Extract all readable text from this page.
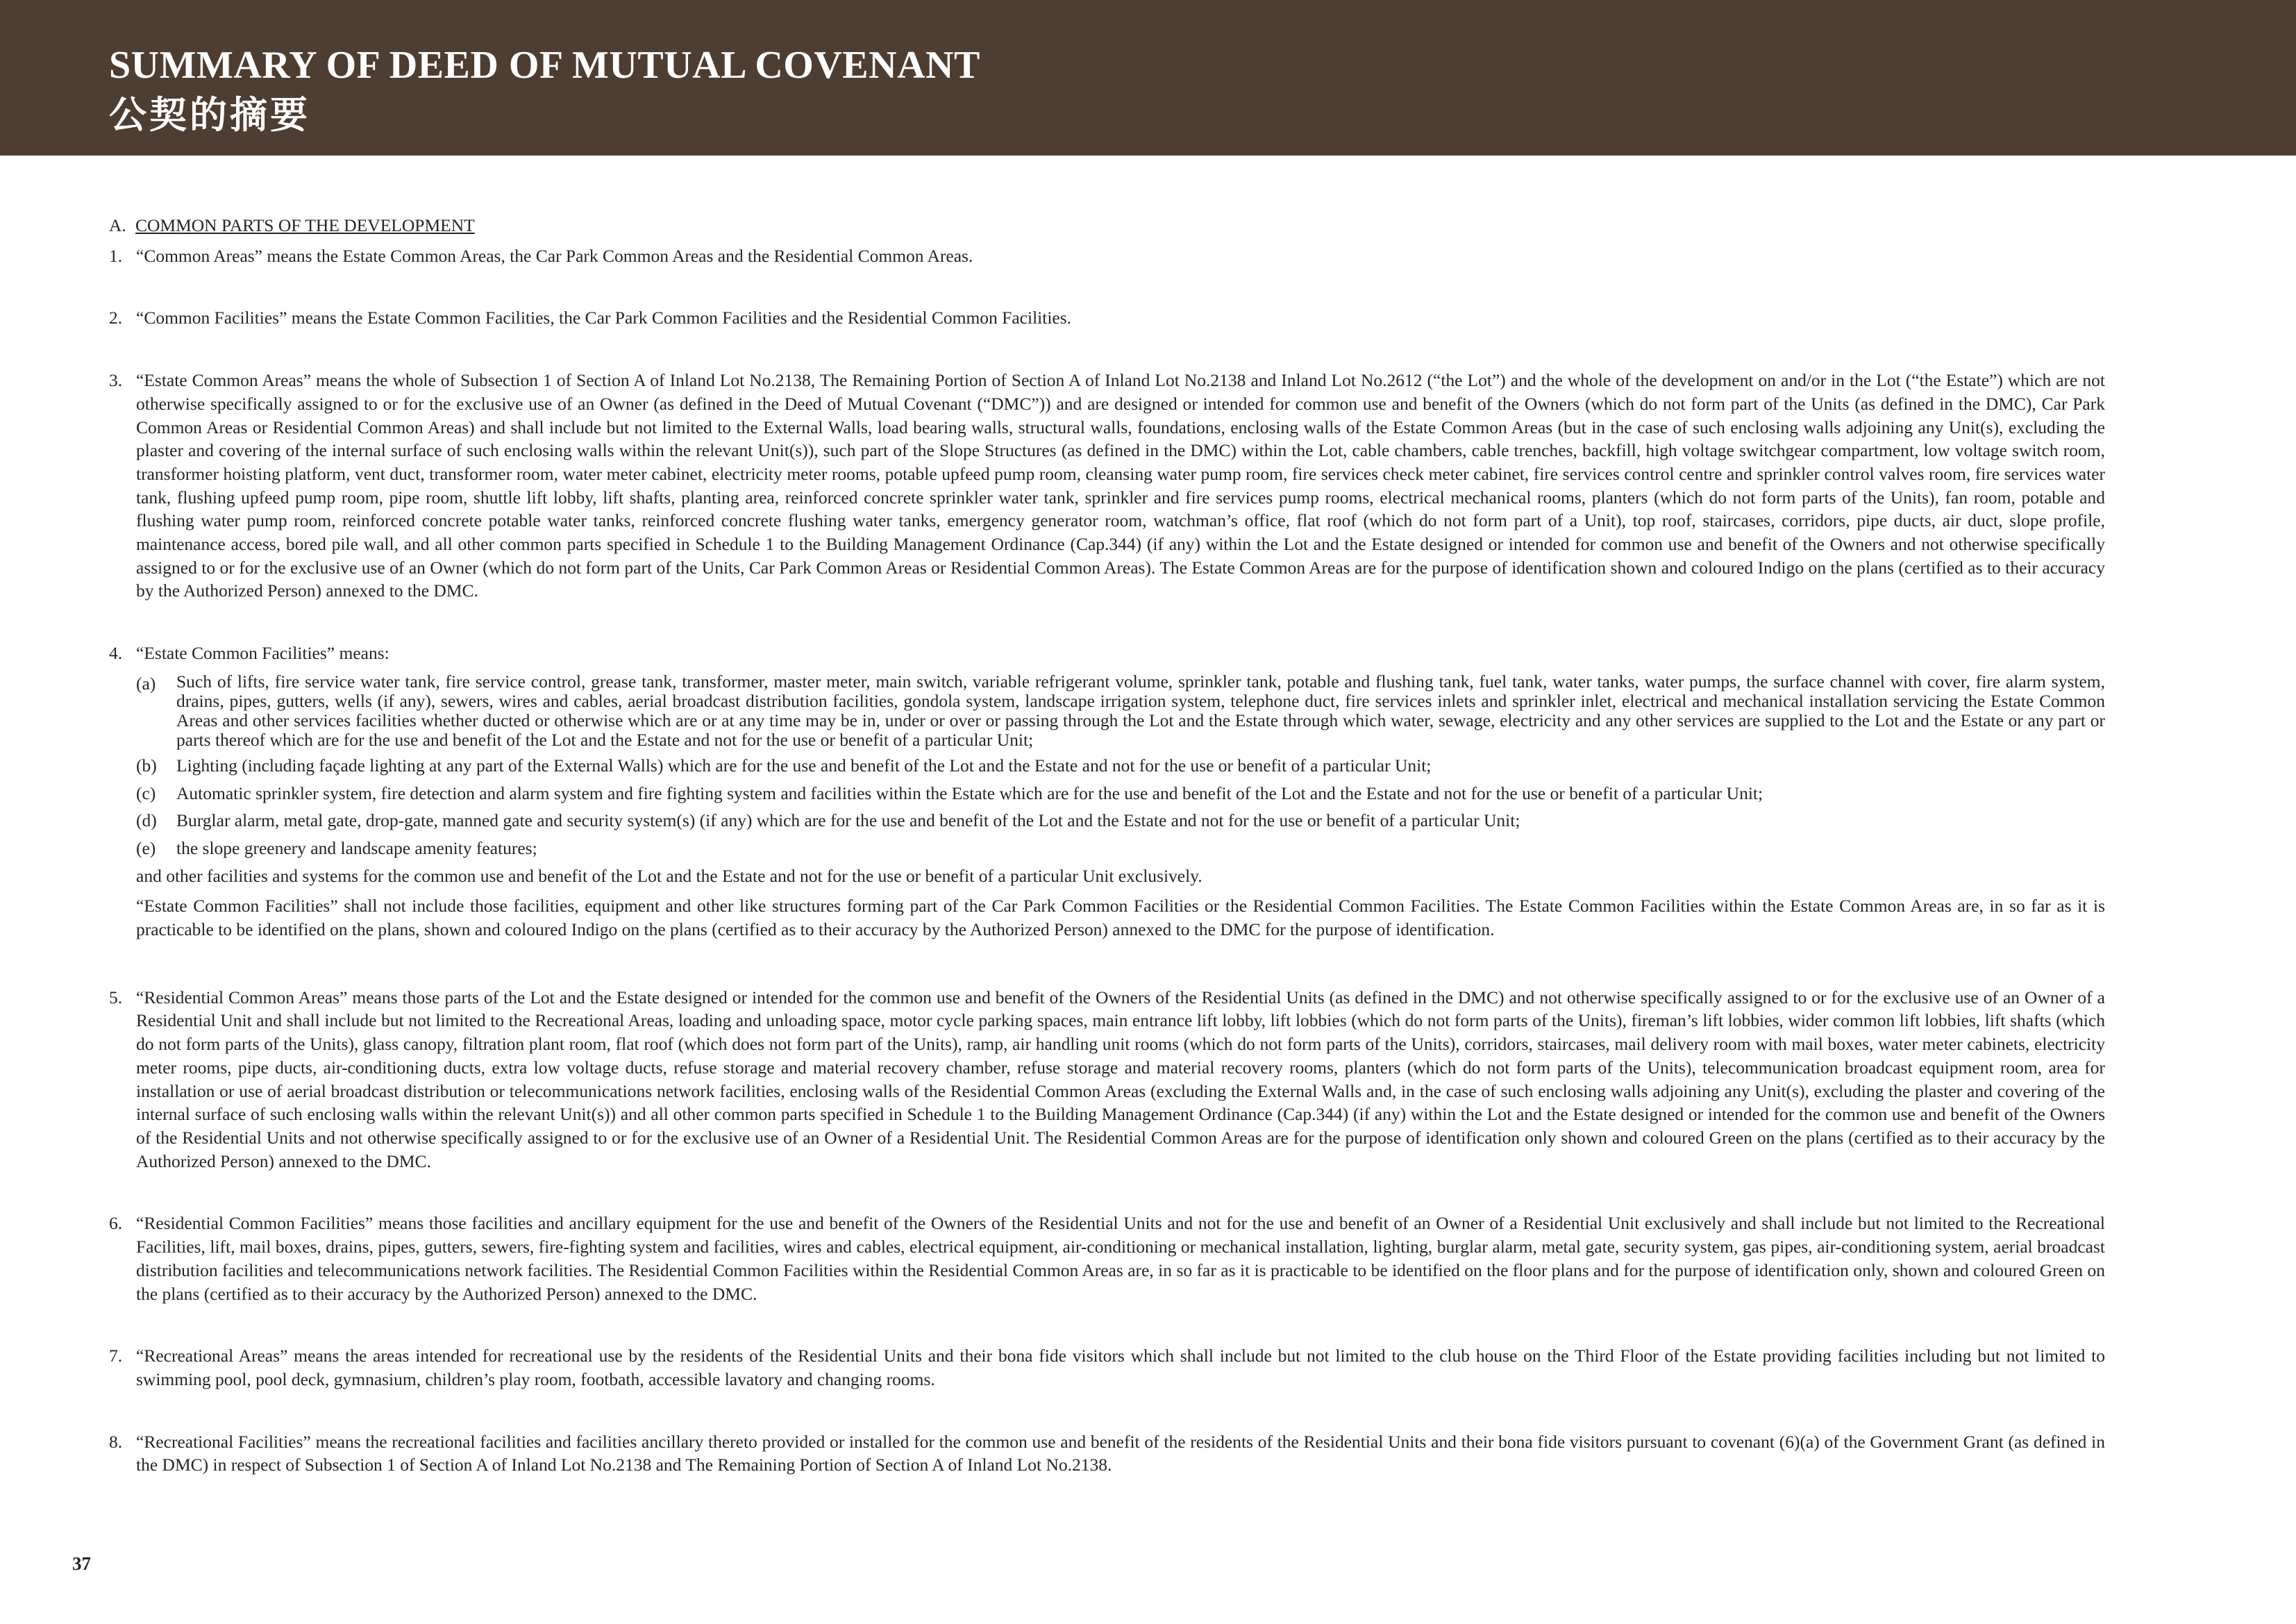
SUMMARY OF DEED OF MUTUAL COVENANT
公契的摘要
A. COMMON PARTS OF THE DEVELOPMENT
1. “Common Areas” means the Estate Common Areas, the Car Park Common Areas and the Residential Common Areas.
2. “Common Facilities” means the Estate Common Facilities, the Car Park Common Facilities and the Residential Common Facilities.
3. “Estate Common Areas” means the whole of Subsection 1 of Section A of Inland Lot No.2138, The Remaining Portion of Section A of Inland Lot No.2138 and Inland Lot No.2612 (“the Lot”) and the whole of the development on and/or in the Lot (“the Estate”) which are not otherwise specifically assigned to or for the exclusive use of an Owner (as defined in the Deed of Mutual Covenant (“DMC”)) and are designed or intended for common use and benefit of the Owners (which do not form part of the Units (as defined in the DMC), Car Park Common Areas or Residential Common Areas) and shall include but not limited to the External Walls, load bearing walls, structural walls, foundations, enclosing walls of the Estate Common Areas (but in the case of such enclosing walls adjoining any Unit(s), excluding the plaster and covering of the internal surface of such enclosing walls within the relevant Unit(s)), such part of the Slope Structures (as defined in the DMC) within the Lot, cable chambers, cable trenches, backfill, high voltage switchgear compartment, low voltage switch room, transformer hoisting platform, vent duct, transformer room, water meter cabinet, electricity meter rooms, potable upfeed pump room, cleansing water pump room, fire services check meter cabinet, fire services control centre and sprinkler control valves room, fire services water tank, flushing upfeed pump room, pipe room, shuttle lift lobby, lift shafts, planting area, reinforced concrete sprinkler water tank, sprinkler and fire services pump rooms, electrical mechanical rooms, planters (which do not form parts of the Units), fan room, potable and flushing water pump room, reinforced concrete potable water tanks, reinforced concrete flushing water tanks, emergency generator room, watchman’s office, flat roof (which do not form part of a Unit), top roof, staircases, corridors, pipe ducts, air duct, slope profile, maintenance access, bored pile wall, and all other common parts specified in Schedule 1 to the Building Management Ordinance (Cap.344) (if any) within the Lot and the Estate designed or intended for common use and benefit of the Owners and not otherwise specifically assigned to or for the exclusive use of an Owner (which do not form part of the Units, Car Park Common Areas or Residential Common Areas). The Estate Common Areas are for the purpose of identification shown and coloured Indigo on the plans (certified as to their accuracy by the Authorized Person) annexed to the DMC.
4. “Estate Common Facilities” means:
(a)	Such of lifts, fire service water tank, fire service control, grease tank, transformer, master meter, main switch, variable refrigerant volume, sprinkler tank, potable and flushing tank, fuel tank, water tanks, water pumps, the surface channel with cover, fire alarm system, drains, pipes, gutters, wells (if any), sewers, wires and cables, aerial broadcast distribution facilities, gondola system, landscape irrigation system, telephone duct, fire services inlets and sprinkler inlet, electrical and mechanical installation servicing the Estate Common Areas and other services facilities whether ducted or otherwise which are or at any time may be in, under or over or passing through the Lot and the Estate through which water, sewage, electricity and any other services are supplied to the Lot and the Estate or any part or parts thereof which are for the use and benefit of the Lot and the Estate and not for the use or benefit of a particular Unit;
(b)	Lighting (including façade lighting at any part of the External Walls) which are for the use and benefit of the Lot and the Estate and not for the use or benefit of a particular Unit;
(c)	Automatic sprinkler system, fire detection and alarm system and fire fighting system and facilities within the Estate which are for the use and benefit of the Lot and the Estate and not for the use or benefit of a particular Unit;
(d)	Burglar alarm, metal gate, drop-gate, manned gate and security system(s) (if any) which are for the use and benefit of the Lot and the Estate and not for the use or benefit of a particular Unit;
(e)	the slope greenery and landscape amenity features;

and other facilities and systems for the common use and benefit of the Lot and the Estate and not for the use or benefit of a particular Unit exclusively.

“Estate Common Facilities” shall not include those facilities, equipment and other like structures forming part of the Car Park Common Facilities or the Residential Common Facilities. The Estate Common Facilities within the Estate Common Areas are, in so far as it is practicable to be identified on the plans, shown and coloured Indigo on the plans (certified as to their accuracy by the Authorized Person) annexed to the DMC for the purpose of identification.

5. “Residential Common Areas” means those parts of the Lot and the Estate designed or intended for the common use and benefit of the Owners of the Residential Units (as defined in the DMC) and not otherwise specifically assigned to or for the exclusive use of an Owner of a Residential Unit and shall include but not limited to the Recreational Areas, loading and unloading space, motor cycle parking spaces, main entrance lift lobby, lift lobbies (which do not form parts of the Units), fireman’s lift lobbies, wider common lift lobbies, lift shafts (which do not form parts of the Units), glass canopy, filtration plant room, flat roof (which does not form part of the Units), ramp, air handling unit rooms (which do not form parts of the Units), corridors, staircases, mail delivery room with mail boxes, water meter cabinets, electricity meter rooms, pipe ducts, air-conditioning ducts, extra low voltage ducts, refuse storage and material recovery chamber, refuse storage and material recovery rooms, planters (which do not form parts of the Units), telecommunication broadcast equipment room, area for installation or use of aerial broadcast distribution or telecommunications network facilities, enclosing walls of the Residential Common Areas (excluding the External Walls and, in the case of such enclosing walls adjoining any Unit(s), excluding the plaster and covering of the internal surface of such enclosing walls within the relevant Unit(s)) and all other common parts specified in Schedule 1 to the Building Management Ordinance (Cap.344) (if any) within the Lot and the Estate designed or intended for the common use and benefit of the Owners of the Residential Units and not otherwise specifically assigned to or for the exclusive use of an Owner of a Residential Unit. The Residential Common Areas are for the purpose of identification only shown and coloured Green on the plans (certified as to their accuracy by the Authorized Person) annexed to the DMC.
6. “Residential Common Facilities” means those facilities and ancillary equipment for the use and benefit of the Owners of the Residential Units and not for the use and benefit of an Owner of a Residential Unit exclusively and shall include but not limited to the Recreational Facilities, lift, mail boxes, drains, pipes, gutters, sewers, fire-fighting system and facilities, wires and cables, electrical equipment, air-conditioning or mechanical installation, lighting, burglar alarm, metal gate, security system, gas pipes, air-conditioning system, aerial broadcast distribution facilities and telecommunications network facilities. The Residential Common Facilities within the Residential Common Areas are, in so far as it is practicable to be identified on the floor plans and for the purpose of identification only, shown and coloured Green on the plans (certified as to their accuracy by the Authorized Person) annexed to the DMC.
7. “Recreational Areas” means the areas intended for recreational use by the residents of the Residential Units and their bona fide visitors which shall include but not limited to the club house on the Third Floor of the Estate providing facilities including but not limited to swimming pool, pool deck, gymnasium, children’s play room, footbath, accessible lavatory and changing rooms.
8. “Recreational Facilities” means the recreational facilities and facilities ancillary thereto provided or installed for the common use and benefit of the residents of the Residential Units and their bona fide visitors pursuant to covenant (6)(a) of the Government Grant (as defined in the DMC) in respect of Subsection 1 of Section A of Inland Lot No.2138 and The Remaining Portion of Section A of Inland Lot No.2138.
37
